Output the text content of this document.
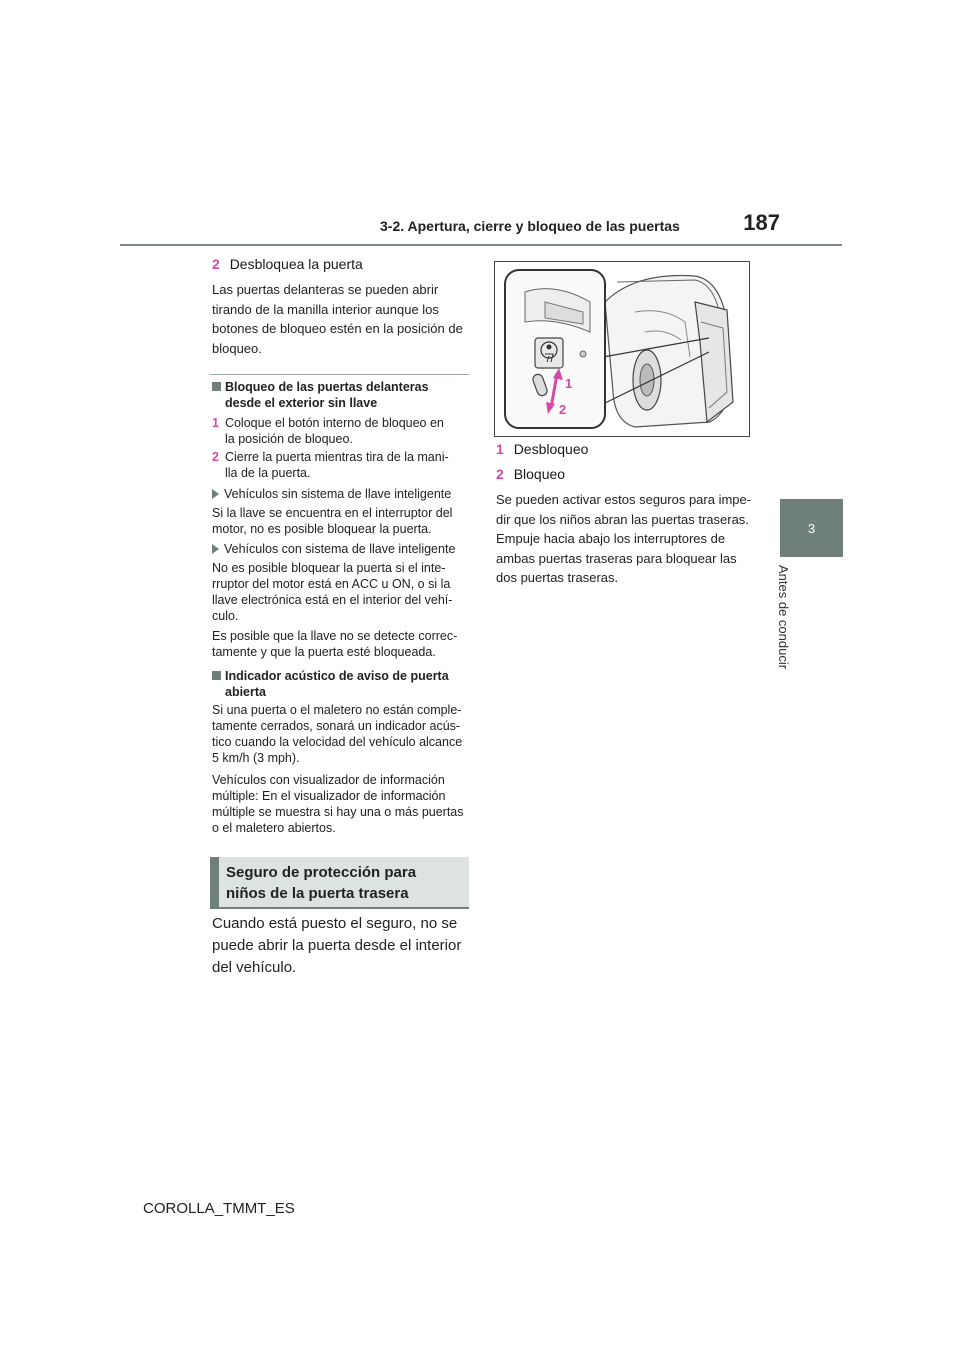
3-2. Apertura, cierre y bloqueo de las puertas	187
3
Antes de conducir
2 Desbloquea la puerta
Las puertas delanteras se pueden abrir
tirando de la manilla interior aunque los
botones de bloqueo estén en la posición de
bloqueo.
Bloqueo de las puertas delanteras
desde el exterior sin llave
1 Coloque el botón interno de bloqueo en
la posición de bloqueo.
2 Cierre la puerta mientras tira de la mani-
lla de la puerta.
Vehículos sin sistema de llave inteligente
Si la llave se encuentra en el interruptor del
motor, no es posible bloquear la puerta.
Vehículos con sistema de llave inteligente
No es posible bloquear la puerta si el inte-
rruptor del motor está en ACC u ON, o si la
llave electrónica está en el interior del vehí-
culo.
Es posible que la llave no se detecte correc-
tamente y que la puerta esté bloqueada.
Indicador acústico de aviso de puerta
abierta
Si una puerta o el maletero no están comple-
tamente cerrados, sonará un indicador acús-
tico cuando la velocidad del vehículo alcance
5 km/h (3 mph).
Vehículos con visualizador de información
múltiple: En el visualizador de información
múltiple se muestra si hay una o más puertas
o el maletero abiertos.
Seguro de protección para
niños de la puerta trasera
Cuando está puesto el seguro, no se
puede abrir la puerta desde el interior
del vehículo.
1
2
1 Desbloqueo
2 Bloqueo
Se pueden activar estos seguros para impe-
dir que los niños abran las puertas traseras.
Empuje hacia abajo los interruptores de
ambas puertas traseras para bloquear las
dos puertas traseras.
COROLLA_TMMT_ES
